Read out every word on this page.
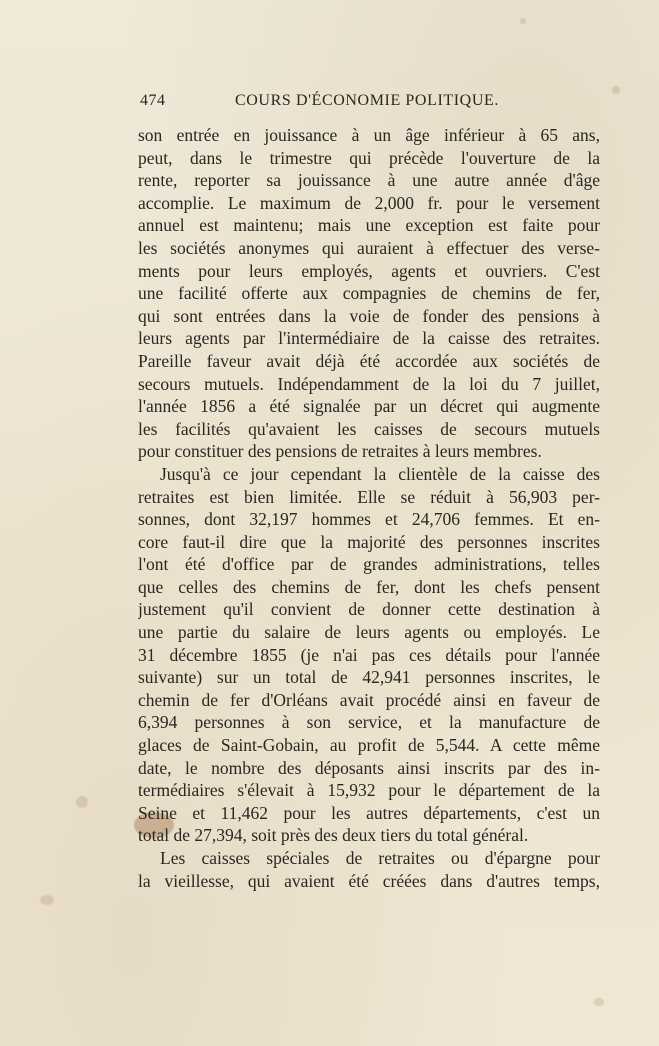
474	COURS D'ÉCONOMIE POLITIQUE.
son entrée en jouissance à un âge inférieur à 65 ans,
peut, dans le trimestre qui précède l'ouverture de la
rente, reporter sa jouissance à une autre année d'âge
accomplie. Le maximum de 2,000 fr. pour le versement
annuel est maintenu; mais une exception est faite pour
les sociétés anonymes qui auraient à effectuer des verse-
ments pour leurs employés, agents et ouvriers. C'est
une facilité offerte aux compagnies de chemins de fer,
qui sont entrées dans la voie de fonder des pensions à
leurs agents par l'intermédiaire de la caisse des retraites.
Pareille faveur avait déjà été accordée aux sociétés de
secours mutuels. Indépendamment de la loi du 7 juillet,
l'année 1856 a été signalée par un décret qui augmente
les facilités qu'avaient les caisses de secours mutuels
pour constituer des pensions de retraites à leurs membres.
Jusqu'à ce jour cependant la clientèle de la caisse des
retraites est bien limitée. Elle se réduit à 56,903 per-
sonnes, dont 32,197 hommes et 24,706 femmes. Et en-
core faut-il dire que la majorité des personnes inscrites
l'ont été d'office par de grandes administrations, telles
que celles des chemins de fer, dont les chefs pensent
justement qu'il convient de donner cette destination à
une partie du salaire de leurs agents ou employés. Le
31 décembre 1855 (je n'ai pas ces détails pour l'année
suivante) sur un total de 42,941 personnes inscrites, le
chemin de fer d'Orléans avait procédé ainsi en faveur de
6,394 personnes à son service, et la manufacture de
glaces de Saint-Gobain, au profit de 5,544. A cette même
date, le nombre des déposants ainsi inscrits par des in-
termédiaires s'élevait à 15,932 pour le département de la
Seine et 11,462 pour les autres départements, c'est un
total de 27,394, soit près des deux tiers du total général.
Les caisses spéciales de retraites ou d'épargne pour
la vieillesse, qui avaient été créées dans d'autres temps,
